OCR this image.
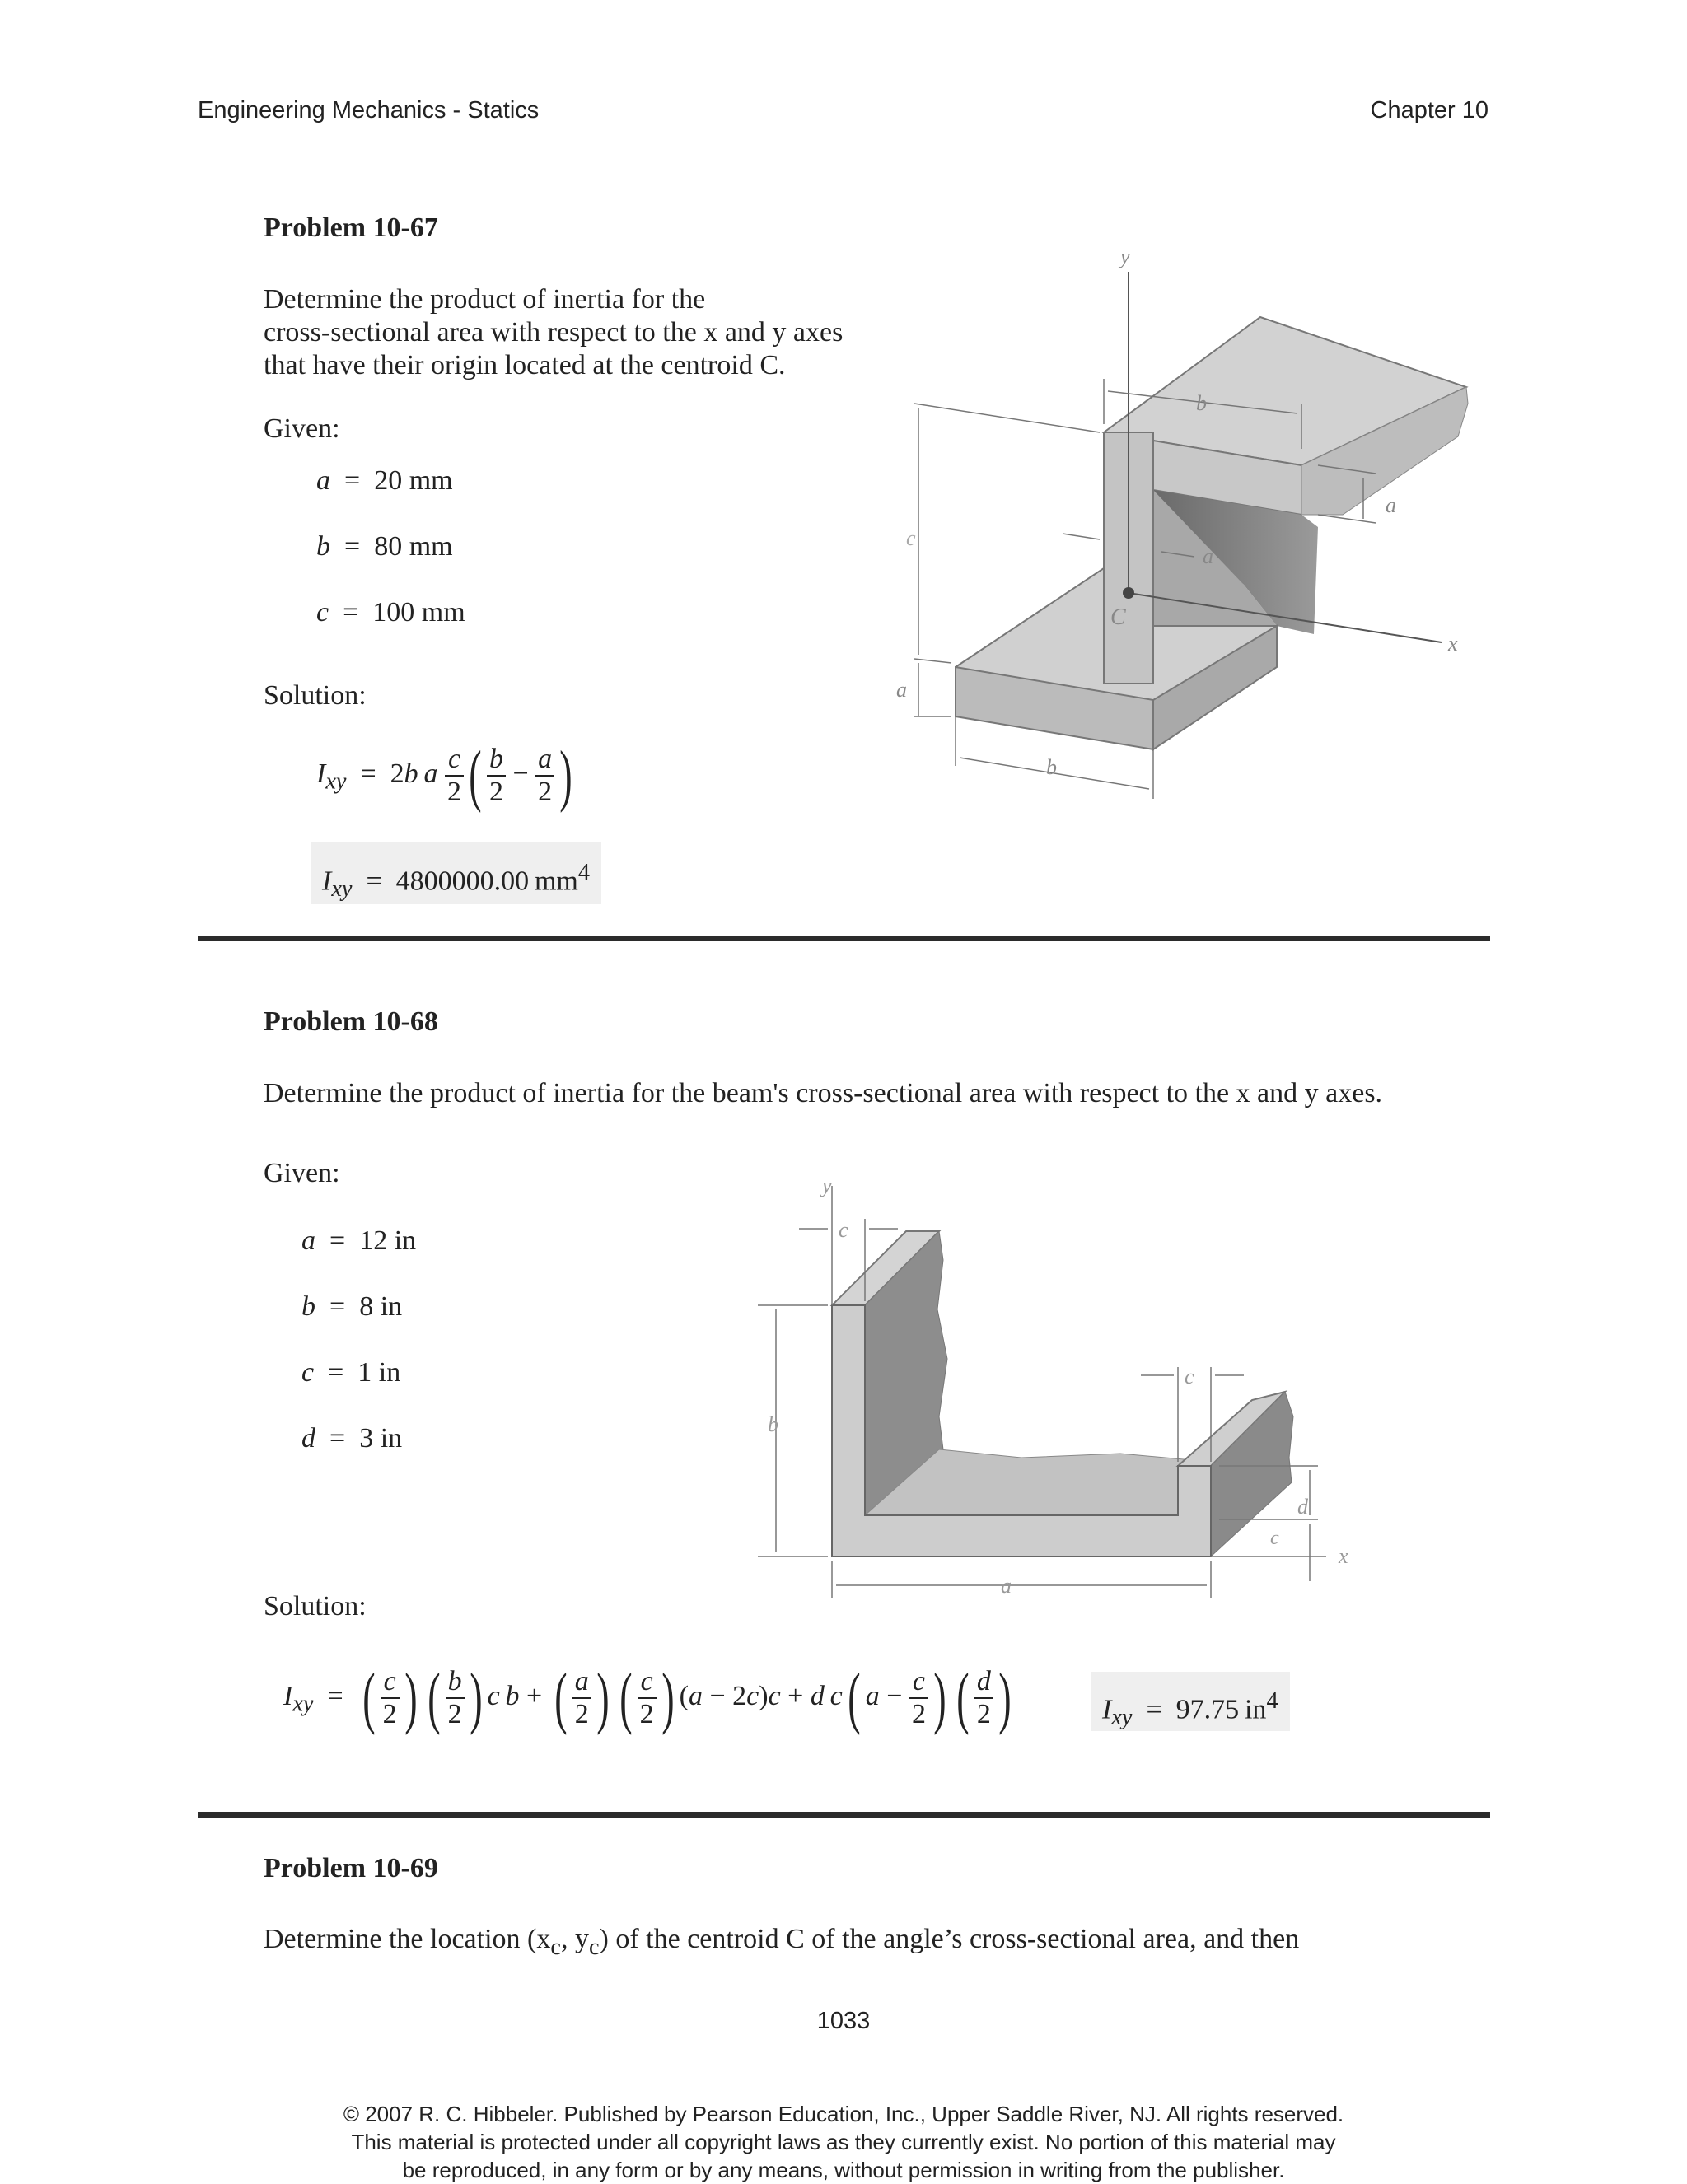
Engineering Mechanics - Statics	Chapter 10
Problem 10-67
Determine the product of inertia for the
cross-sectional area with respect to the x and y axes
that have their origin located at the centroid C.
Given:
a  =  20 mm
b  =  80 mm
c  =  100 mm
Solution:
$I_{xy} = 2b$  a $\frac{c}{2}$ ( $\frac{b}{2} - \frac{a}{2}$ )
$I_{xy} = 4800000.00$  $mm^4$
y
x
C
b
a
c
a
a
b
Problem 10-68
Determine the product of inertia for the beam's cross-sectional area with respect to the x and y axes.
Given:
a  =  12 in
b  =  8 in
c  =  1 in
d  =  3 in
Solution:
y
x
c
c
b
d
c
a
$I_{xy}$  =  ( $\frac{c}{2}$ ) ( $\frac{b}{2}$ ) c  b + ( $\frac{a}{2}$ ) ( $\frac{c}{2}$ ) (a − 2c)c + d  c( $a - \frac{c}{2}$ ) ( $\frac{d}{2}$ )	$I_{xy} = 97.75$  $in^4$
Problem 10-69
Determine the location ($x_c$, $y_c$) of the centroid C of the angle’s cross-sectional area, and then
1033
© 2007 R. C. Hibbeler. Published by Pearson Education, Inc., Upper Saddle River, NJ. All rights reserved.
This material is protected under all copyright laws as they currently exist. No portion of this material may
be reproduced, in any form or by any means, without permission in writing from the publisher.
